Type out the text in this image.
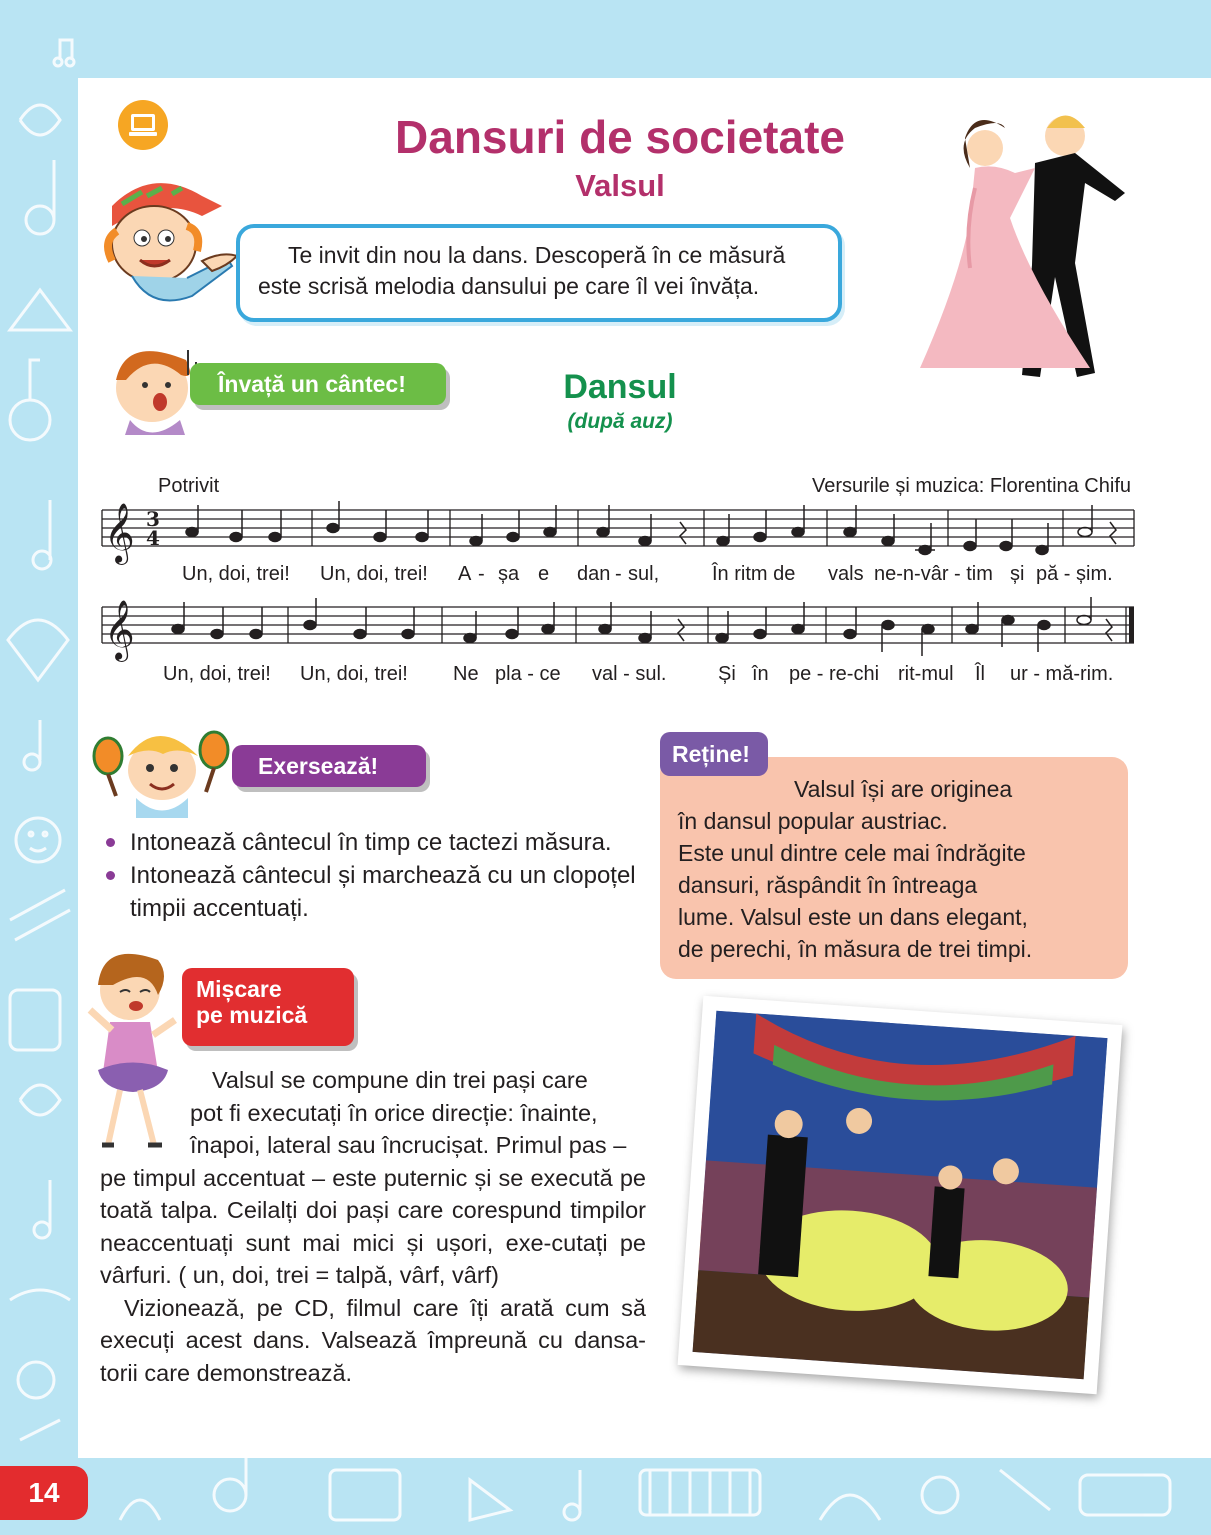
14
Dansuri de societate
Valsul
Te invit din nou la dans. Descoperă în ce măsură
este scrisă melodia dansului pe care îl vei învăța.
Învață un cântec!	Dansul
(după auz)
Potrivit	Versurile și muzica: Florentina Chifu
𝄞 3
4
Un, doi, trei! Un, doi, trei! A - șa e dan - sul,	În ritm de vals ne-n-vâr - tim și pă - șim.
𝄞
Un, doi, trei! Un, doi, trei! Ne pla - ce val - sul.	Și în pe - re-chi rit-mul Îl ur - mă-rim.
Exersează!
Intonează cântecul în timp ce tactezi măsura.
Intonează cântecul și marchează cu un clopoțel timpii accentuați.
Reține!
Valsul își are originea
în dansul popular austriac.
Este unul dintre cele mai îndrăgite
dansuri, răspândit în întreaga
lume. Valsul este un dans elegant,
de perechi, în măsura de trei timpi.
Mișcare
pe muzică

Valsul se compune din trei pași care

pot fi executați în orice direcție: înainte,

înapoi, lateral sau încrucișat. Primul pas –

pe timpul accentuat – este puternic și se execută pe toată talpa. Ceilalți doi pași care corespund timpilor neaccentuați sunt mai mici și ușori, exe-cutați pe vârfuri. ( un, doi, trei = talpă, vârf, vârf)

Vizionează, pe CD, filmul care îți arată cum să execuți acest dans. Valsează împreună cu dansa-torii care demonstrează.
